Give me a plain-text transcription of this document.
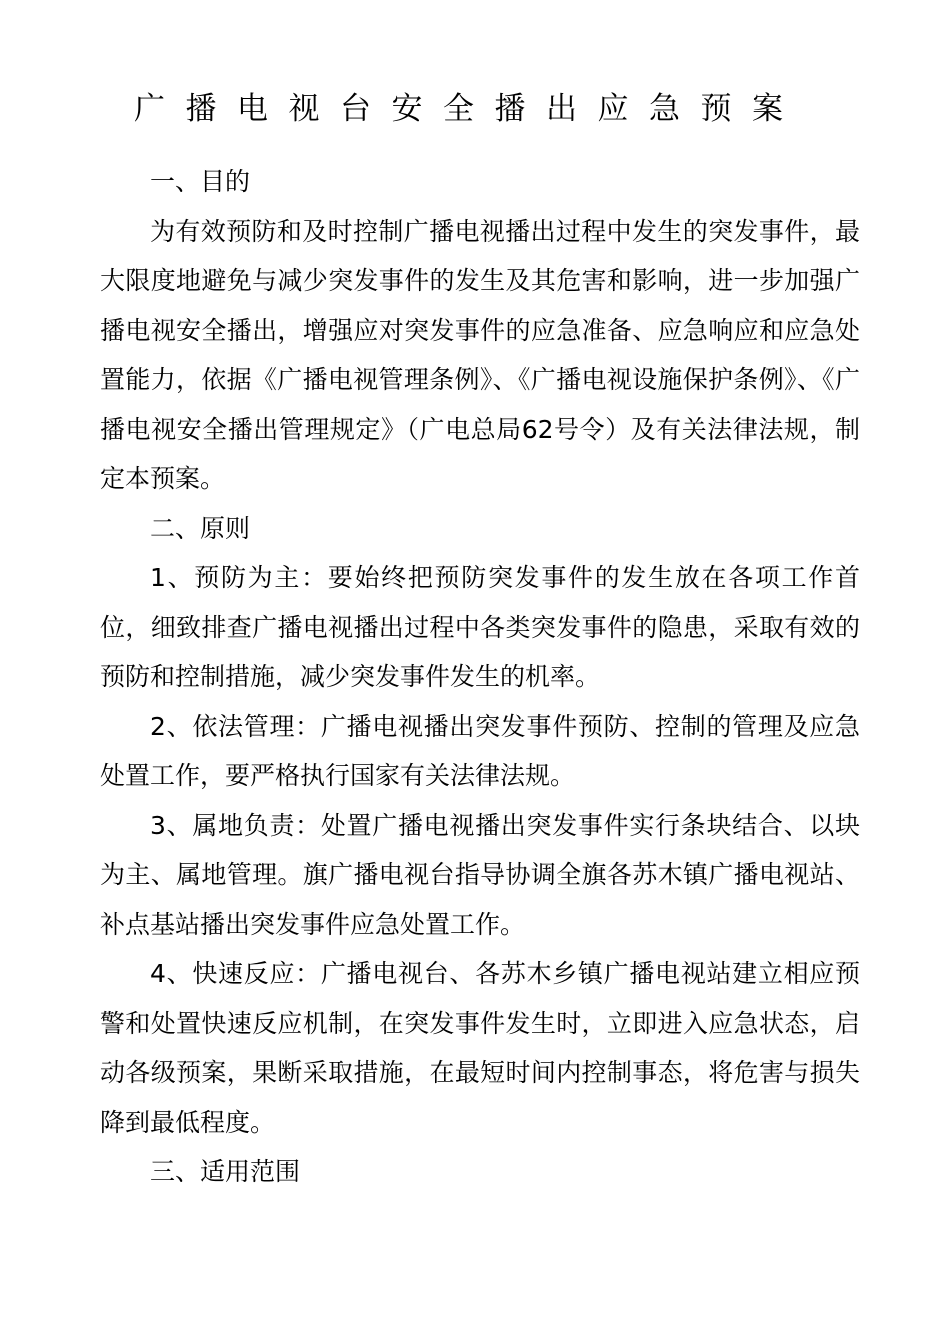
广播电视台安全播出应急预案

一、目的

为有效预防和及时控制广播电视播出过程中发生的突发事件，最大限度地避免与减少突发事件的发生及其危害和影响，进一步加强广播电视安全播出，增强应对突发事件的应急准备、应急响应和应急处置能力，依据《广播电视管理条例》、《广播电视设施保护条例》、《广播电视安全播出管理规定》（广电总局62号令）及有关法律法规，制定本预案。

二、原则

1、预防为主：要始终把预防突发事件的发生放在各项工作首位，细致排查广播电视播出过程中各类突发事件的隐患，采取有效的预防和控制措施，减少突发事件发生的机率。

2、依法管理：广播电视播出突发事件预防、控制的管理及应急处置工作，要严格执行国家有关法律法规。

3、属地负责：处置广播电视播出突发事件实行条块结合、以块为主、属地管理。旗广播电视台指导协调全旗各苏木镇广播电视站、补点基站播出突发事件应急处置工作。

4、快速反应：广播电视台、各苏木乡镇广播电视站建立相应预警和处置快速反应机制，在突发事件发生时，立即进入应急状态，启动各级预案，果断采取措施，在最短时间内控制事态，将危害与损失降到最低程度。

三、适用范围
